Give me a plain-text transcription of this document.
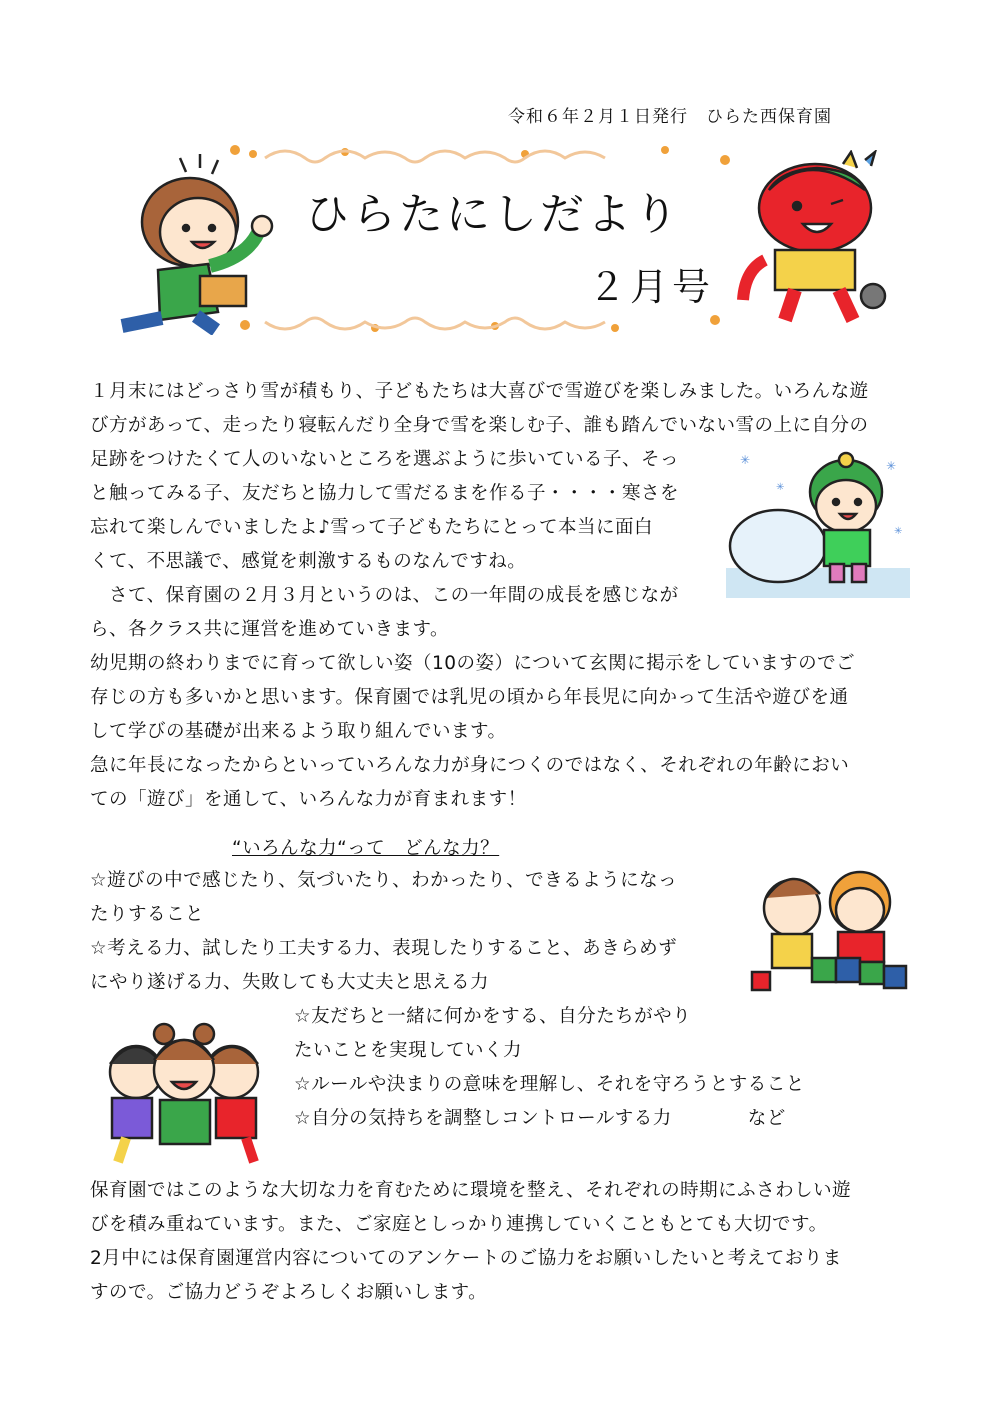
令和６年２月１日発行　ひらた西保育園
ひらたにしだより
２月号
１月末にはどっさり雪が積もり、子どもたちは大喜びで雪遊びを楽しみました。いろんな遊
び方があって、走ったり寝転んだり全身で雪を楽しむ子、誰も踏んでいない雪の上に自分の
足跡をつけたくて人のいないところを選ぶように歩いている子、そっ
と触ってみる子、友だちと協力して雪だるまを作る子・・・・寒さを
忘れて楽しんでいましたよ♪雪って子どもたちにとって本当に面白
くて、不思議で、感覚を刺激するものなんですね。
　さて、保育園の２月３月というのは、この一年間の成長を感じなが
ら、各クラス共に運営を進めていきます。
幼児期の終わりまでに育って欲しい姿（10の姿）について玄関に掲示をしていますのでご
存じの方も多いかと思います。保育園では乳児の頃から年長児に向かって生活や遊びを通
して学びの基礎が出来るよう取り組んでいます。
急に年長になったからといっていろんな力が身につくのではなく、それぞれの年齢におい
ての「遊び」を通して、いろんな力が育まれます！
✳	✳
✳
✳
“いろんな力“って　どんな力？
☆遊びの中で感じたり、気づいたり、わかったり、できるようになっ
たりすること
☆考える力、試したり工夫する力、表現したりすること、あきらめず
にやり遂げる力、失敗しても大丈夫と思える力
☆友だちと一緒に何かをする、自分たちがやり
たいことを実現していく力
☆ルールや決まりの意味を理解し、それを守ろうとすること
☆自分の気持ちを調整しコントロールする力　　　　など
保育園ではこのような大切な力を育むために環境を整え、それぞれの時期にふさわしい遊
びを積み重ねています。また、ご家庭としっかり連携していくこともとても大切です。
2月中には保育園運営内容についてのアンケートのご協力をお願いしたいと考えておりま
すので。ご協力どうぞよろしくお願いします。
